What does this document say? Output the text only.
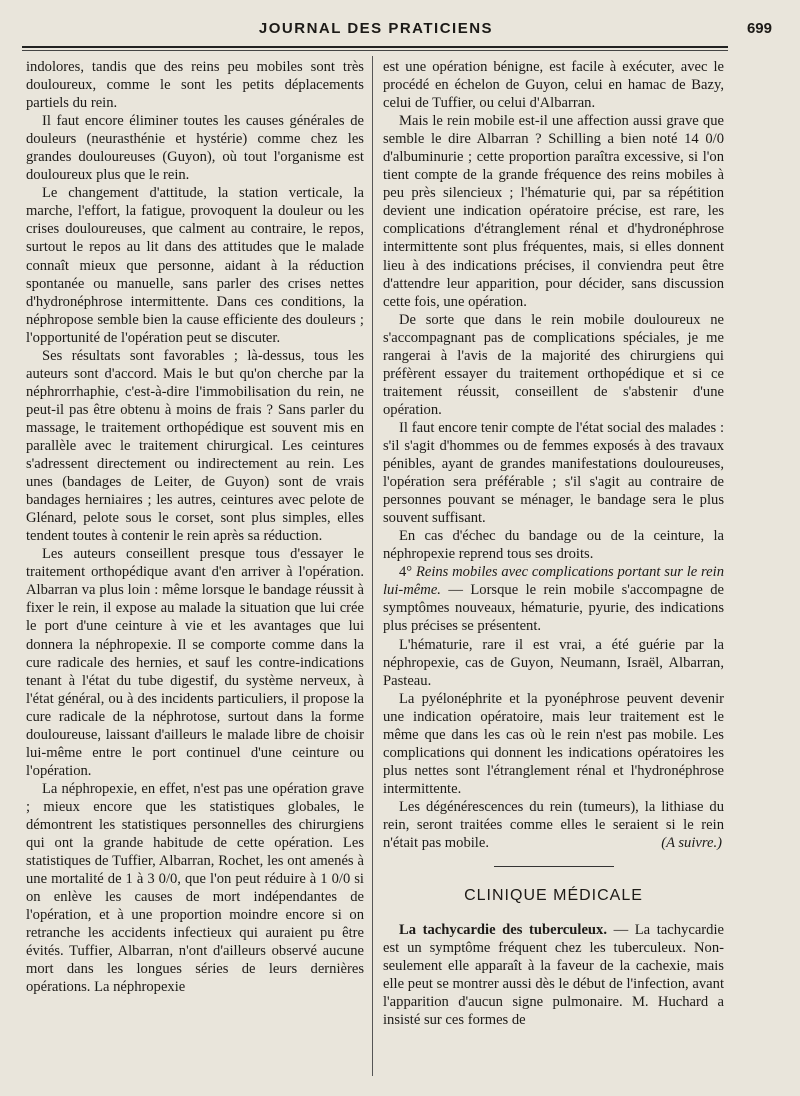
JOURNAL DES PRATICIENS	699

indolores, tandis que des reins peu mobiles sont très douloureux, comme le sont les petits déplacements partiels du rein.

Il faut encore éliminer toutes les causes générales de douleurs (neurasthénie et hystérie) comme chez les grandes douloureuses (Guyon), où tout l'organisme est douloureux plus que le rein.

Le changement d'attitude, la station verticale, la marche, l'effort, la fatigue, provoquent la douleur ou les crises douloureuses, que calment au contraire, le repos, surtout le repos au lit dans des attitudes que le malade connaît mieux que personne, aidant à la réduction spontanée ou manuelle, sans parler des crises nettes d'hydronéphrose intermittente. Dans ces conditions, la néphropose semble bien la cause efficiente des douleurs ; l'opportunité de l'opération peut se discuter.

Ses résultats sont favorables ; là-dessus, tous les auteurs sont d'accord. Mais le but qu'on cherche par la néphrorrhaphie, c'est-à-dire l'immobilisation du rein, ne peut-il pas être obtenu à moins de frais ? Sans parler du massage, le traitement orthopédique est souvent mis en parallèle avec le traitement chirurgical. Les ceintures s'adressent directement ou indirectement au rein. Les unes (bandages de Leiter, de Guyon) sont de vrais bandages herniaires ; les autres, ceintures avec pelote de Glénard, pelote sous le corset, sont plus simples, elles tendent toutes à contenir le rein après sa réduction.

Les auteurs conseillent presque tous d'essayer le traitement orthopédique avant d'en arriver à l'opération. Albarran va plus loin : même lorsque le bandage réussit à fixer le rein, il expose au malade la situation que lui crée le port d'une ceinture à vie et les avantages que lui donnera la néphropexie. Il se comporte comme dans la cure radicale des hernies, et sauf les contre-indications tenant à l'état du tube digestif, du système nerveux, à l'état général, ou à des incidents particuliers, il propose la cure radicale de la néphrotose, surtout dans la forme douloureuse, laissant d'ailleurs le malade libre de choisir lui-même entre le port continuel d'une ceinture ou l'opération.

La néphropexie, en effet, n'est pas une opération grave ; mieux encore que les statistiques globales, le démontrent les statistiques personnelles des chirurgiens qui ont la grande habitude de cette opération. Les statistiques de Tuffier, Albarran, Rochet, les ont amenés à une mortalité de 1 à 3 0/0, que l'on peut réduire à 1 0/0 si on enlève les causes de mort indépendantes de l'opération, et à une proportion moindre encore si on retranche les accidents infectieux qui auraient pu être évités. Tuffier, Albarran, n'ont d'ailleurs observé aucune mort dans les longues séries de leurs dernières opérations. La néphropexie

est une opération bénigne, est facile à exécuter, avec le procédé en échelon de Guyon, celui en hamac de Bazy, celui de Tuffier, ou celui d'Albarran.

Mais le rein mobile est-il une affection aussi grave que semble le dire Albarran ? Schilling a bien noté 14 0/0 d'albuminurie ; cette proportion paraîtra excessive, si l'on tient compte de la grande fréquence des reins mobiles à peu près silencieux ; l'hématurie qui, par sa répétition devient une indication opératoire précise, est rare, les complications d'étranglement rénal et d'hydronéphrose intermittente sont plus fréquentes, mais, si elles donnent lieu à des indications précises, il conviendra peut être d'attendre leur apparition, pour décider, sans discussion cette fois, une opération.

De sorte que dans le rein mobile douloureux ne s'accompagnant pas de complications spéciales, je me rangerai à l'avis de la majorité des chirurgiens qui préfèrent essayer du traitement orthopédique et si ce traitement réussit, conseillent de s'abstenir d'une opération.

Il faut encore tenir compte de l'état social des malades : s'il s'agit d'hommes ou de femmes exposés à des travaux pénibles, ayant de grandes manifestations douloureuses, l'opération sera préférable ; s'il s'agit au contraire de personnes pouvant se ménager, le bandage sera le plus souvent suffisant.

En cas d'échec du bandage ou de la ceinture, la néphropexie reprend tous ses droits.

4° Reins mobiles avec complications portant sur le rein lui-même. — Lorsque le rein mobile s'accompagne de symptômes nouveaux, hématurie, pyurie, des indications plus précises se présentent.

L'hématurie, rare il est vrai, a été guérie par la néphropexie, cas de Guyon, Neumann, Israël, Albarran, Pasteau.

La pyélonéphrite et la pyonéphrose peuvent devenir une indication opératoire, mais leur traitement est le même que dans les cas où le rein n'est pas mobile. Les complications qui donnent les indications opératoires les plus nettes sont l'étranglement rénal et l'hydronéphrose intermittente.

Les dégénérescences du rein (tumeurs), la lithiase du rein, seront traitées comme elles le seraient si le rein n'était pas mobile.	(A suivre.)

CLINIQUE MÉDICALE

La tachycardie des tuberculeux. — La tachycardie est un symptôme fréquent chez les tuberculeux. Non-seulement elle apparaît à la faveur de la cachexie, mais elle peut se montrer aussi dès le début de l'infection, avant l'apparition d'aucun signe pulmonaire. M. Huchard a insisté sur ces formes de
